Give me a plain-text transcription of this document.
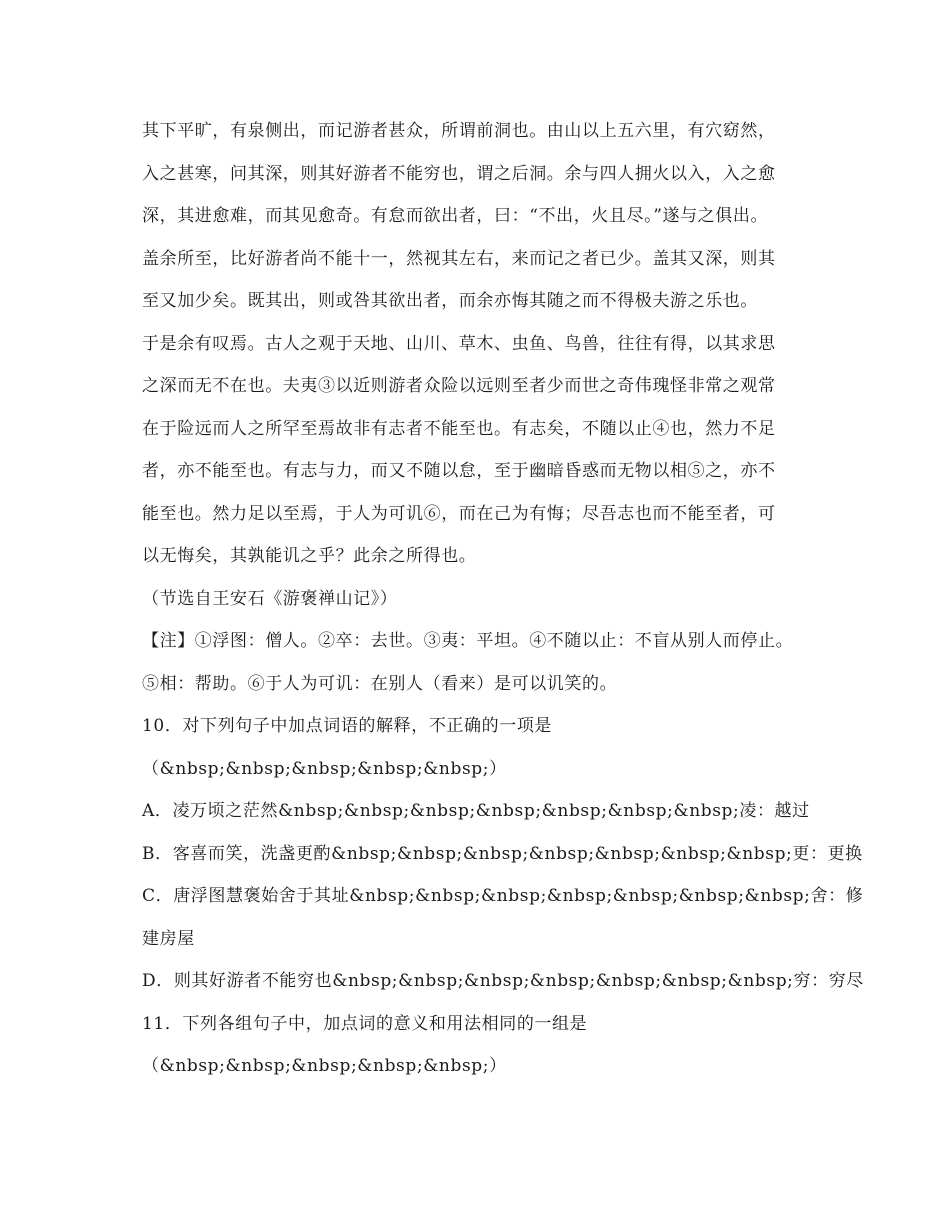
其下平旷，有泉侧出，而记游者甚众，所谓前洞也。由山以上五六里，有穴窈然，
入之甚寒，问其深，则其好游者不能穷也，谓之后洞。余与四人拥火以入，入之愈
深，其进愈难，而其见愈奇。有怠而欲出者，曰：“不出，火且尽。”遂与之俱出。
盖余所至，比好游者尚不能十一，然视其左右，来而记之者已少。盖其又深，则其
至又加少矣。既其出，则或咎其欲出者，而余亦悔其随之而不得极夫游之乐也。
于是余有叹焉。古人之观于天地、山川、草木、虫鱼、鸟兽，往往有得，以其求思
之深而无不在也。夫夷③以近则游者众险以远则至者少而世之奇伟瑰怪非常之观常
在于险远而人之所罕至焉故非有志者不能至也。有志矣，不随以止④也，然力不足
者，亦不能至也。有志与力，而又不随以怠，至于幽暗昏惑而无物以相⑤之，亦不
能至也。然力足以至焉，于人为可讥⑥，而在己为有悔；尽吾志也而不能至者，可
以无悔矣，其孰能讥之乎？此余之所得也。
（节选自王安石《游褒禅山记》）
【注】①浮图：僧人。②卒：去世。③夷：平坦。④不随以止：不盲从别人而停止。
⑤相：帮助。⑥于人为可讥：在别人（看来）是可以讥笑的。
10．对下列句子中加点词语的解释，不正确的一项是
（&nbsp;&nbsp;&nbsp;&nbsp;&nbsp;）
A．凌万顷之茫然&nbsp;&nbsp;&nbsp;&nbsp;&nbsp;&nbsp;&nbsp;凌：越过
B．客喜而笑，洗盏更酌&nbsp;&nbsp;&nbsp;&nbsp;&nbsp;&nbsp;&nbsp;更：更换
C．唐浮图慧褒始舍于其址&nbsp;&nbsp;&nbsp;&nbsp;&nbsp;&nbsp;&nbsp;舍：修
建房屋
D．则其好游者不能穷也&nbsp;&nbsp;&nbsp;&nbsp;&nbsp;&nbsp;&nbsp;穷：穷尽
11．下列各组句子中，加点词的意义和用法相同的一组是
（&nbsp;&nbsp;&nbsp;&nbsp;&nbsp;）
